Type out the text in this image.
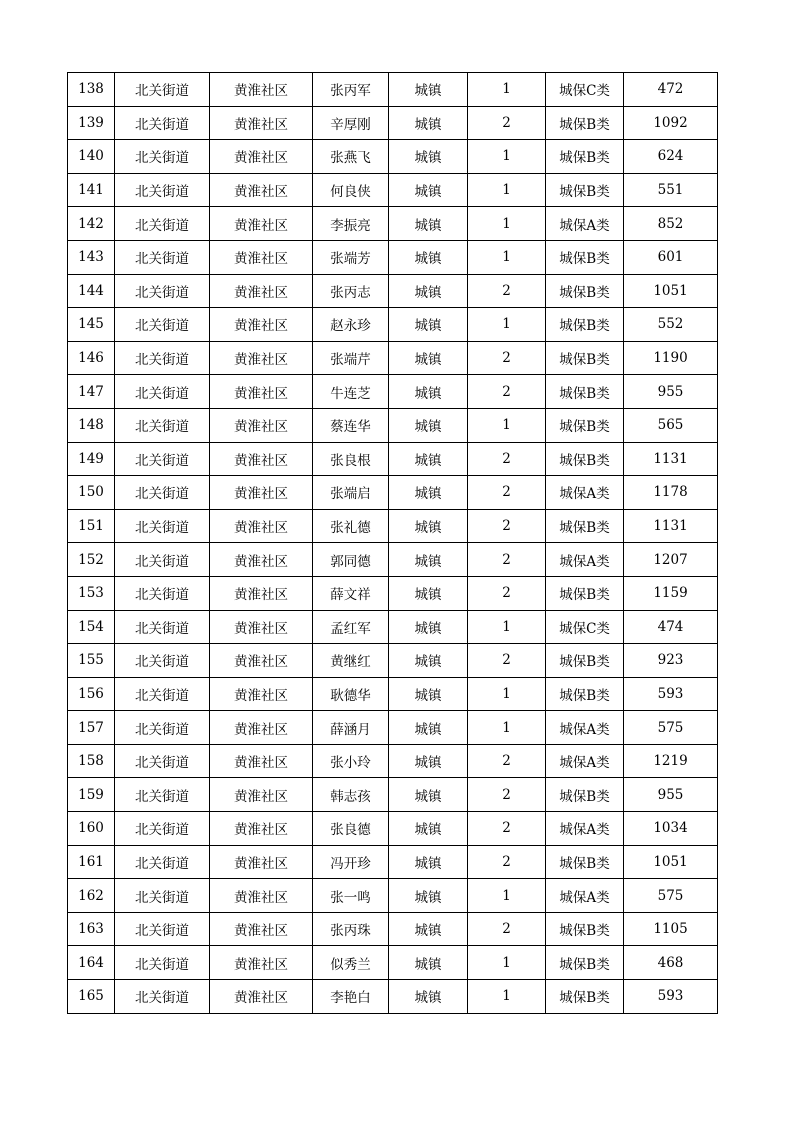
138	北关街道	黄淮社区	张丙军	城镇	1	城保C类	472
139	北关街道	黄淮社区	辛厚刚	城镇	2	城保B类	1092
140	北关街道	黄淮社区	张燕飞	城镇	1	城保B类	624
141	北关街道	黄淮社区	何良侠	城镇	1	城保B类	551
142	北关街道	黄淮社区	李振亮	城镇	1	城保A类	852
143	北关街道	黄淮社区	张端芳	城镇	1	城保B类	601
144	北关街道	黄淮社区	张丙志	城镇	2	城保B类	1051
145	北关街道	黄淮社区	赵永珍	城镇	1	城保B类	552
146	北关街道	黄淮社区	张端芹	城镇	2	城保B类	1190
147	北关街道	黄淮社区	牛连芝	城镇	2	城保B类	955
148	北关街道	黄淮社区	蔡连华	城镇	1	城保B类	565
149	北关街道	黄淮社区	张良根	城镇	2	城保B类	1131
150	北关街道	黄淮社区	张端启	城镇	2	城保A类	1178
151	北关街道	黄淮社区	张礼德	城镇	2	城保B类	1131
152	北关街道	黄淮社区	郭同德	城镇	2	城保A类	1207
153	北关街道	黄淮社区	薛文祥	城镇	2	城保B类	1159
154	北关街道	黄淮社区	孟红军	城镇	1	城保C类	474
155	北关街道	黄淮社区	黄继红	城镇	2	城保B类	923
156	北关街道	黄淮社区	耿德华	城镇	1	城保B类	593
157	北关街道	黄淮社区	薛涵月	城镇	1	城保A类	575
158	北关街道	黄淮社区	张小玲	城镇	2	城保A类	1219
159	北关街道	黄淮社区	韩志孩	城镇	2	城保B类	955
160	北关街道	黄淮社区	张良德	城镇	2	城保A类	1034
161	北关街道	黄淮社区	冯开珍	城镇	2	城保B类	1051
162	北关街道	黄淮社区	张一鸣	城镇	1	城保A类	575
163	北关街道	黄淮社区	张丙珠	城镇	2	城保B类	1105
164	北关街道	黄淮社区	似秀兰	城镇	1	城保B类	468
165	北关街道	黄淮社区	李艳白	城镇	1	城保B类	593
